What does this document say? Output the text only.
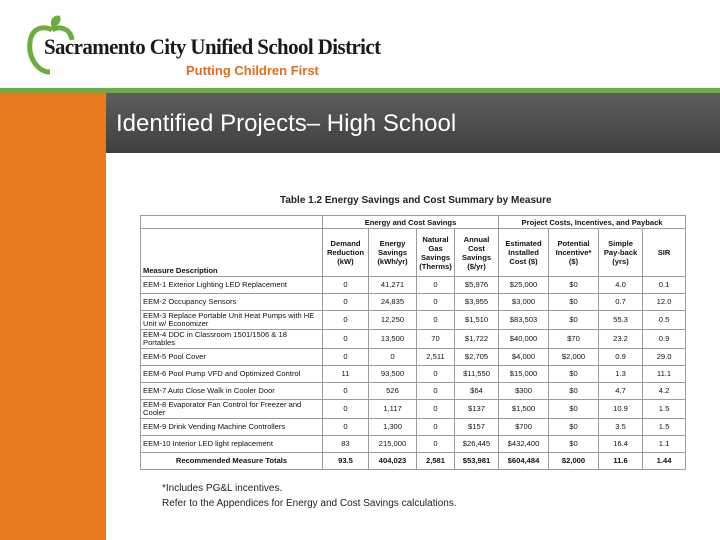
Sacramento City Unified School District
Putting Children First
Identified Projects– High School
Table 1.2 Energy Savings and Cost Summary by Measure
	Energy and Cost Savings				Project Costs, Incentives, and Payback			
Measure Description	Demand Reduction (kW)	Energy Savings (kWh/yr)	Natural Gas Savings (Therms)	Annual Cost Savings ($/yr)	Estimated Installed Cost ($)	Potential Incentive* ($)	Simple Pay-back (yrs)	SIR
EEM-1 Exterior Lighting LED Replacement	0	41,271	0	$5,976	$25,000	$0	4.0	0.1
EEM-2 Occupancy Sensors	0	24,835	0	$3,955	$3,000	$0	0.7	12.0
EEM-3 Replace Portable Unit Heat Pumps with HE Unit w/ Economizer	0	12,250	0	$1,510	$83,503	$0	55.3	0.5
EEM-4 DDC in Classroom 1501/1506 & 18 Portables	0	13,500	70	$1,722	$40,000	$70	23.2	0.9
EEM-5 Pool Cover	0	0	2,511	$2,705	$4,000	$2,000	0.9	29.0
EEM-6 Pool Pump VFD and Optimized Control	11	93,500	0	$11,550	$15,000	$0	1.3	11.1
EEM-7 Auto Close Walk in Cooler Door	0	526	0	$64	$300	$0	4.7	4.2
EEM-8 Evaporator Fan Control for Freezer and Cooler	0	1,117	0	$137	$1,500	$0	10.9	1.5
EEM-9 Drink Vending Machine Controllers	0	1,300	0	$157	$700	$0	3.5	1.5
EEM-10 Interior LED light replacement	83	215,000	0	$26,445	$432,400	$0	16.4	1.1
Recommended Measure Totals	93.5	404,023	2,581	$53,981	$604,484	$2,000	11.6	1.44
*Includes PG&L incentives.
Refer to the Appendices for Energy and Cost Savings calculations.
